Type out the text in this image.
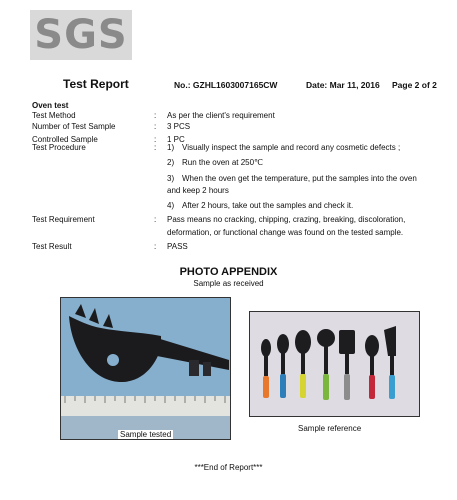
SGS
Test Report	No.: GZHL1603007165CW	Date: Mar 11, 2016 Page 2 of 2
Oven test
Test Method	: As per the client's requirement
Number of Test Sample	: 3 PCS
Controlled Sample	: 1 PC
Test Procedure	: 1) Visually inspect the sample and record any cosmetic defects ;
2) Run the oven at 250℃
3) When the oven get the temperature, put the samples into the oven
and keep 2 hours
4) After 2 hours, take out the samples and check it.
Test Requirement	: Pass means no cracking, chipping, crazing, breaking, discoloration,
deformation, or functional change was found on the tested sample.
Test Result	: PASS
PHOTO APPENDIX
Sample as received
Sample tested
Sample reference
***End of Report***
